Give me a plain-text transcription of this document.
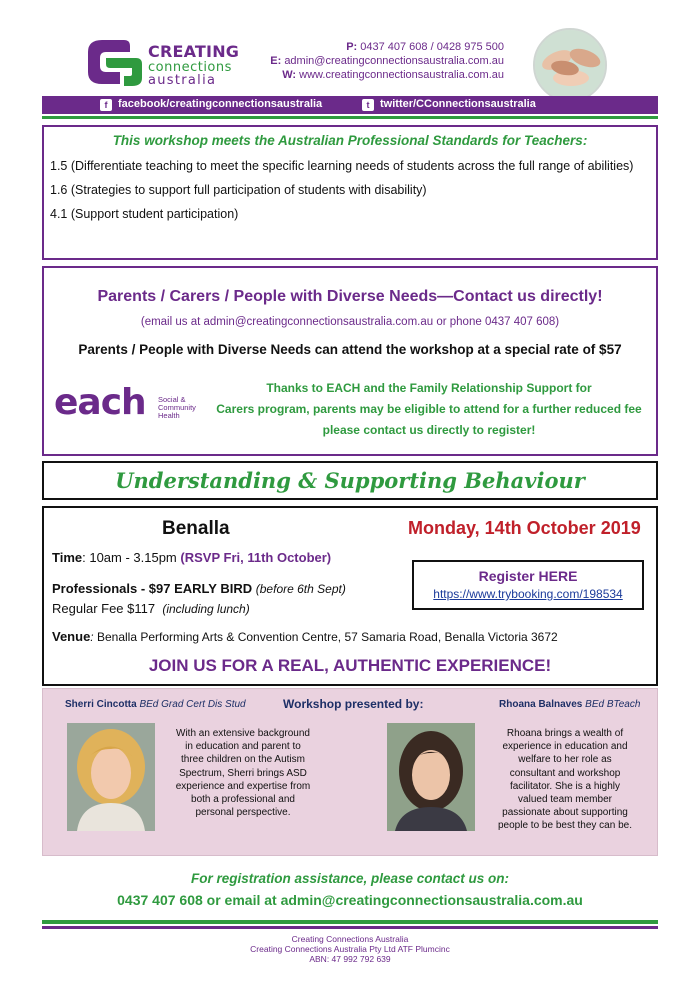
CREATING
connections
australia
P: 0437 407 608 / 0428 975 500
E: admin@creatingconnectionsaustralia.com.au
W: www.creatingconnectionsaustralia.com.au
f facebook/creatingconnectionsaustralia	t twitter/CConnectionsaustralia
This workshop meets the Australian Professional Standards for Teachers:

1.5 (Differentiate teaching to meet the specific learning needs of students across the full range of abilities)

1.6 (Strategies to support full participation of students with disability)

4.1 (Support student participation)

Parents / Carers / People with Diverse Needs—Contact us directly!
(email us at admin@creatingconnectionsaustralia.com.au or phone 0437 407 608)
Parents / People with Diverse Needs can attend the workshop at a special rate of $57
each Social &
Community
Health
Thanks to EACH and the Family Relationship Support for
Carers program, parents may be eligible to attend for a further reduced fee
please contact us directly to register!
Understanding & Supporting Behaviour
Benalla	Monday, 14th October 2019
Time: 10am - 3.15pm (RSVP Fri, 11th October)
Professionals - $97 EARLY BIRD (before 6th Sept)
Regular Fee $117 (including lunch)
Register HERE
https://www.trybooking.com/198534
Venue: Benalla Performing Arts & Convention Centre, 57 Samaria Road, Benalla Victoria 3672
JOIN US FOR A REAL, AUTHENTIC EXPERIENCE!
Sherri Cincotta BEd Grad Cert Dis Stud	Workshop presented by:	Rhoana Balnaves BEd BTeach
With an extensive background in education and parent to three children on the Autism Spectrum, Sherri brings ASD experience and expertise from both a professional and personal perspective.
Rhoana brings a wealth of experience in education and welfare to her role as consultant and workshop facilitator. She is a highly valued team member passionate about supporting people to be best they can be.
For registration assistance, please contact us on:
0437 407 608 or email at admin@creatingconnectionsaustralia.com.au
Creating Connections Australia
Creating Connections Australia Pty Ltd ATF Plumcinc
ABN: 47 992 792 639
